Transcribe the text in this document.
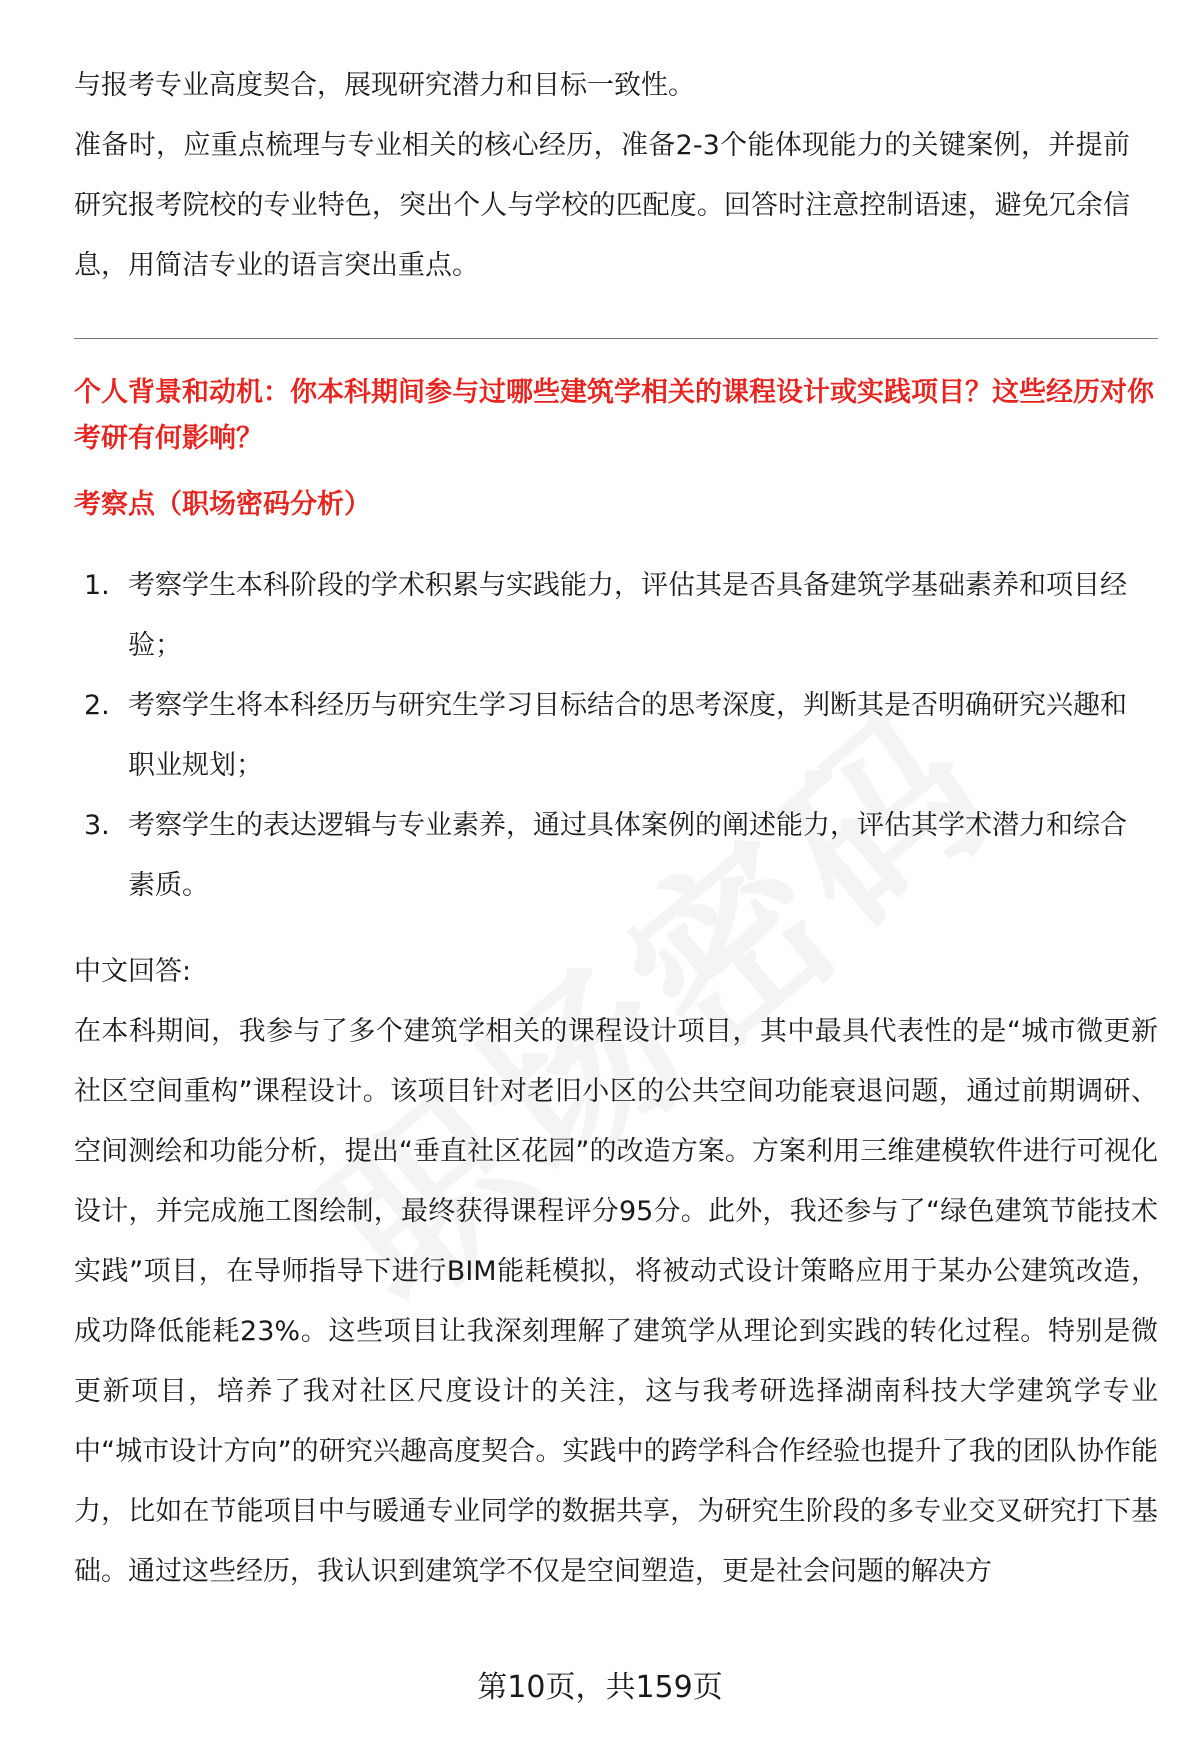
与报考专业高度契合，展现研究潜力和目标一致性。

准备时，应重点梳理与专业相关的核心经历，准备2-3个能体现能力的关键案例，并提前研究报考院校的专业特色，突出个人与学校的匹配度。回答时注意控制语速，避免冗余信息，用简洁专业的语言突出重点。

个人背景和动机：你本科期间参与过哪些建筑学相关的课程设计或实践项目？这些经历对你考研有何影响？

考察点（职场密码分析）

1. 考察学生本科阶段的学术积累与实践能力，评估其是否具备建筑学基础素养和项目经验；
2. 考察学生将本科经历与研究生学习目标结合的思考深度，判断其是否明确研究兴趣和职业规划；
3. 考察学生的表达逻辑与专业素养，通过具体案例的阐述能力，评估其学术潜力和综合素质。

中文回答:

在本科期间，我参与了多个建筑学相关的课程设计项目，其中最具代表性的是“城市微更新社区空间重构”课程设计。该项目针对老旧小区的公共空间功能衰退问题，通过前期调研、空间测绘和功能分析，提出“垂直社区花园”的改造方案。方案利用三维建模软件进行可视化设计，并完成施工图绘制，最终获得课程评分95分。此外，我还参与了“绿色建筑节能技术实践”项目，在导师指导下进行BIM能耗模拟，将被动式设计策略应用于某办公建筑改造，成功降低能耗23%。这些项目让我深刻理解了建筑学从理论到实践的转化过程。特别是微更新项目，培养了我对社区尺度设计的关注，这与我考研选择湖南科技大学建筑学专业中“城市设计方向”的研究兴趣高度契合。实践中的跨学科合作经验也提升了我的团队协作能力，比如在节能项目中与暖通专业同学的数据共享，为研究生阶段的多专业交叉研究打下基础。通过这些经历，我认识到建筑学不仅是空间塑造，更是社会问题的解决方

第10页，共159页
